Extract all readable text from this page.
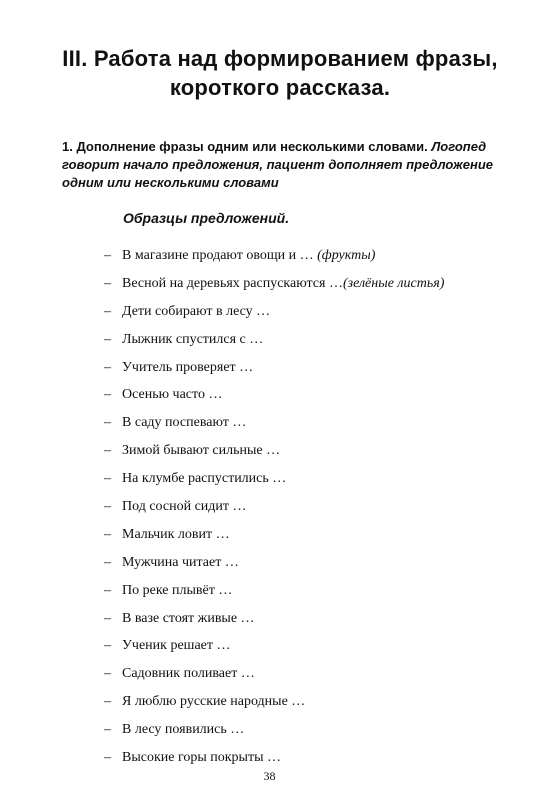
III. Работа над формированием фразы,
короткого рассказа.
1. Дополнение фразы одним или несколькими словами. Логопед говорит начало предложения, пациент дополняет предложение одним или несколькими словами
Образцы предложений.
– В магазине продают овощи и … (фрукты)
– Весной на деревьях распускаются …(зелёные листья)
– Дети собирают в лесу …
– Лыжник спустился с …
– Учитель проверяет …
– Осенью часто …
– В саду поспевают …
– Зимой бывают сильные …
– На клумбе распустились …
– Под сосной сидит …
– Мальчик ловит …
– Мужчина читает …
– По реке плывёт …
– В вазе стоят живые …
– Ученик решает …
– Садовник поливает …
– Я люблю русские народные …
– В лесу появились …
– Высокие горы покрыты …
38
